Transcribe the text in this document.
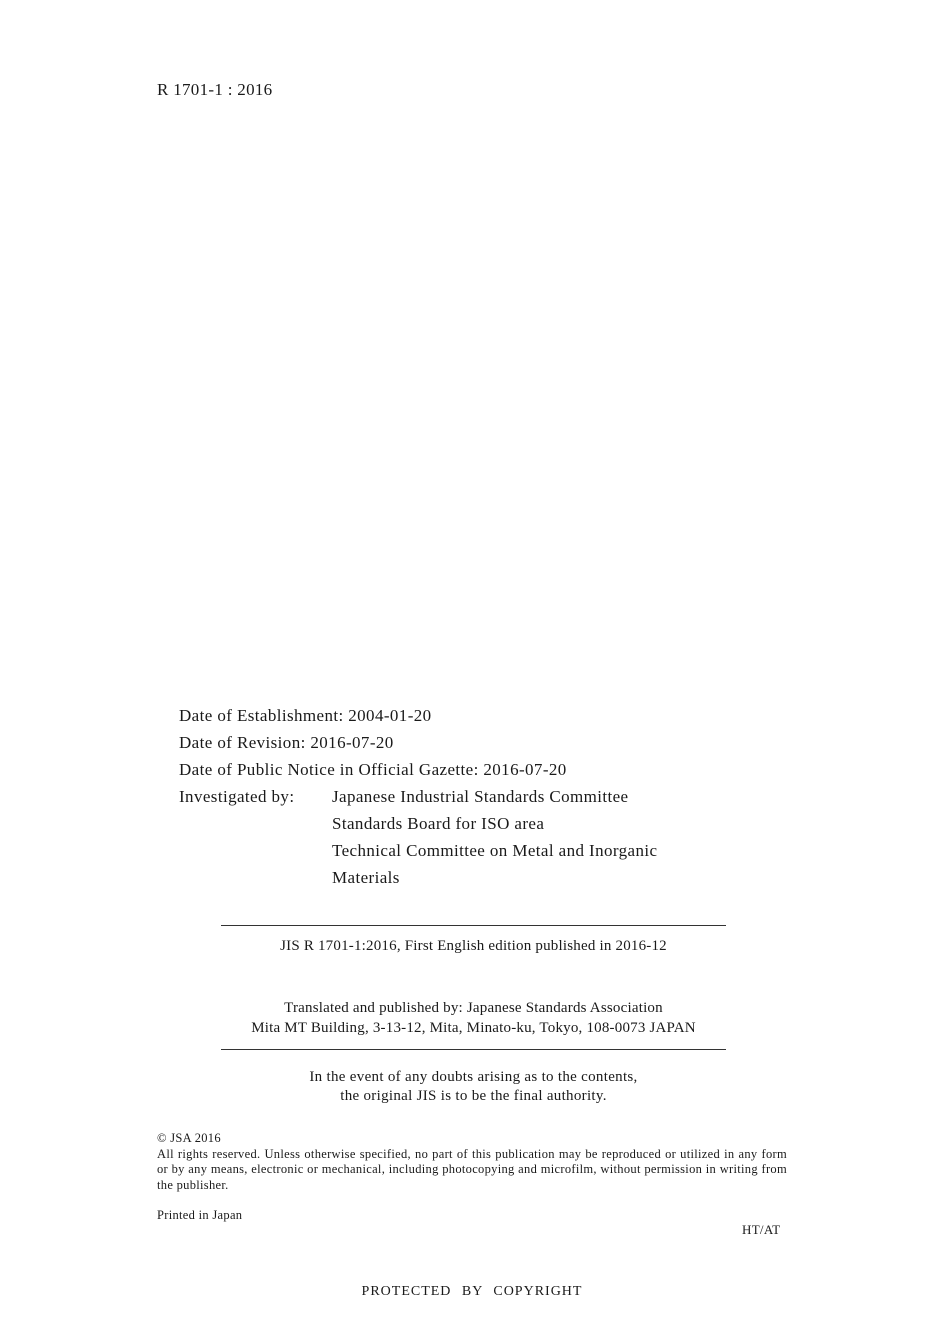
R 1701-1 : 2016
Date of Establishment: 2004-01-20
Date of Revision: 2016-07-20
Date of Public Notice in Official Gazette: 2016-07-20
Investigated by:	Japanese Industrial Standards Committee
Standards Board for ISO area
Technical Committee on Metal and Inorganic
Materials
JIS R 1701-1:2016, First English edition published in 2016-12
Translated and published by: Japanese Standards Association
Mita MT Building, 3-13-12, Mita, Minato-ku, Tokyo, 108-0073 JAPAN
In the event of any doubts arising as to the contents,
the original JIS is to be the final authority.
© JSA 2016
All rights reserved. Unless otherwise specified, no part of this publication may be reproduced or utilized in any form or by any means, electronic or mechanical, including photocopying and microfilm, without permission in writing from the publisher.
Printed in Japan
HT/AT
PROTECTED BY COPYRIGHT
